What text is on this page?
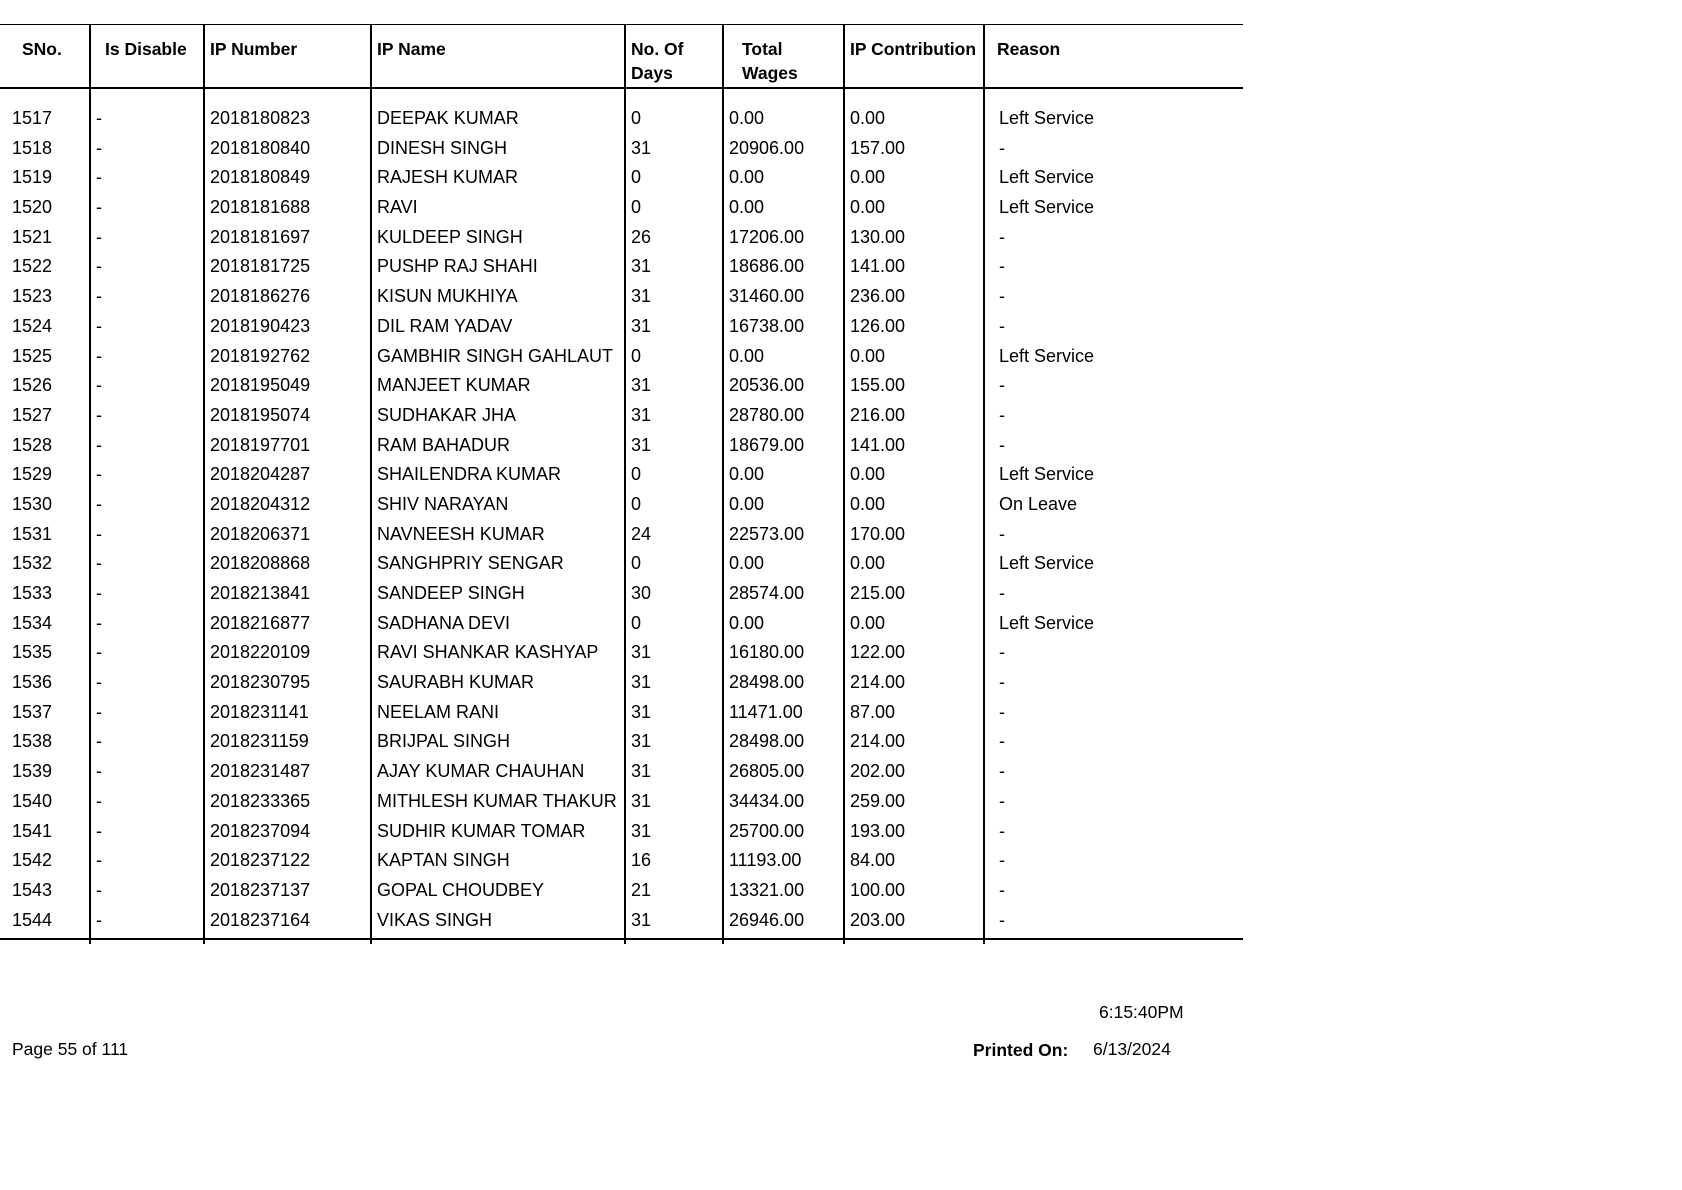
SNo.	Is Disable	IP Number	IP Name	No. Of Days	Total Wages	IP Contribution	Reason

1517	-	2018180823	DEEPAK KUMAR	0	0.00	0.00	Left Service
1518	-	2018180840	DINESH SINGH	31	20906.00	157.00	-
1519	-	2018180849	RAJESH KUMAR	0	0.00	0.00	Left Service
1520	-	2018181688	RAVI	0	0.00	0.00	Left Service
1521	-	2018181697	KULDEEP SINGH	26	17206.00	130.00	-
1522	-	2018181725	PUSHP RAJ SHAHI	31	18686.00	141.00	-
1523	-	2018186276	KISUN MUKHIYA	31	31460.00	236.00	-
1524	-	2018190423	DIL RAM YADAV	31	16738.00	126.00	-
1525	-	2018192762	GAMBHIR SINGH GAHLAUT	0	0.00	0.00	Left Service
1526	-	2018195049	MANJEET KUMAR	31	20536.00	155.00	-
1527	-	2018195074	SUDHAKAR JHA	31	28780.00	216.00	-
1528	-	2018197701	RAM BAHADUR	31	18679.00	141.00	-
1529	-	2018204287	SHAILENDRA KUMAR	0	0.00	0.00	Left Service
1530	-	2018204312	SHIV NARAYAN	0	0.00	0.00	On Leave
1531	-	2018206371	NAVNEESH KUMAR	24	22573.00	170.00	-
1532	-	2018208868	SANGHPRIY SENGAR	0	0.00	0.00	Left Service
1533	-	2018213841	SANDEEP SINGH	30	28574.00	215.00	-
1534	-	2018216877	SADHANA DEVI	0	0.00	0.00	Left Service
1535	-	2018220109	RAVI SHANKAR KASHYAP	31	16180.00	122.00	-
1536	-	2018230795	SAURABH KUMAR	31	28498.00	214.00	-
1537	-	2018231141	NEELAM RANI	31	11471.00	87.00	-
1538	-	2018231159	BRIJPAL SINGH	31	28498.00	214.00	-
1539	-	2018231487	AJAY KUMAR CHAUHAN	31	26805.00	202.00	-
1540	-	2018233365	MITHLESH KUMAR THAKUR	31	34434.00	259.00	-
1541	-	2018237094	SUDHIR KUMAR TOMAR	31	25700.00	193.00	-
1542	-	2018237122	KAPTAN SINGH	16	11193.00	84.00	-
1543	-	2018237137	GOPAL CHOUDBEY	21	13321.00	100.00	-
1544	-	2018237164	VIKAS SINGH	31	26946.00	203.00	-

6:15:40PM
Page 55 of 111	Printed On: 6/13/2024
